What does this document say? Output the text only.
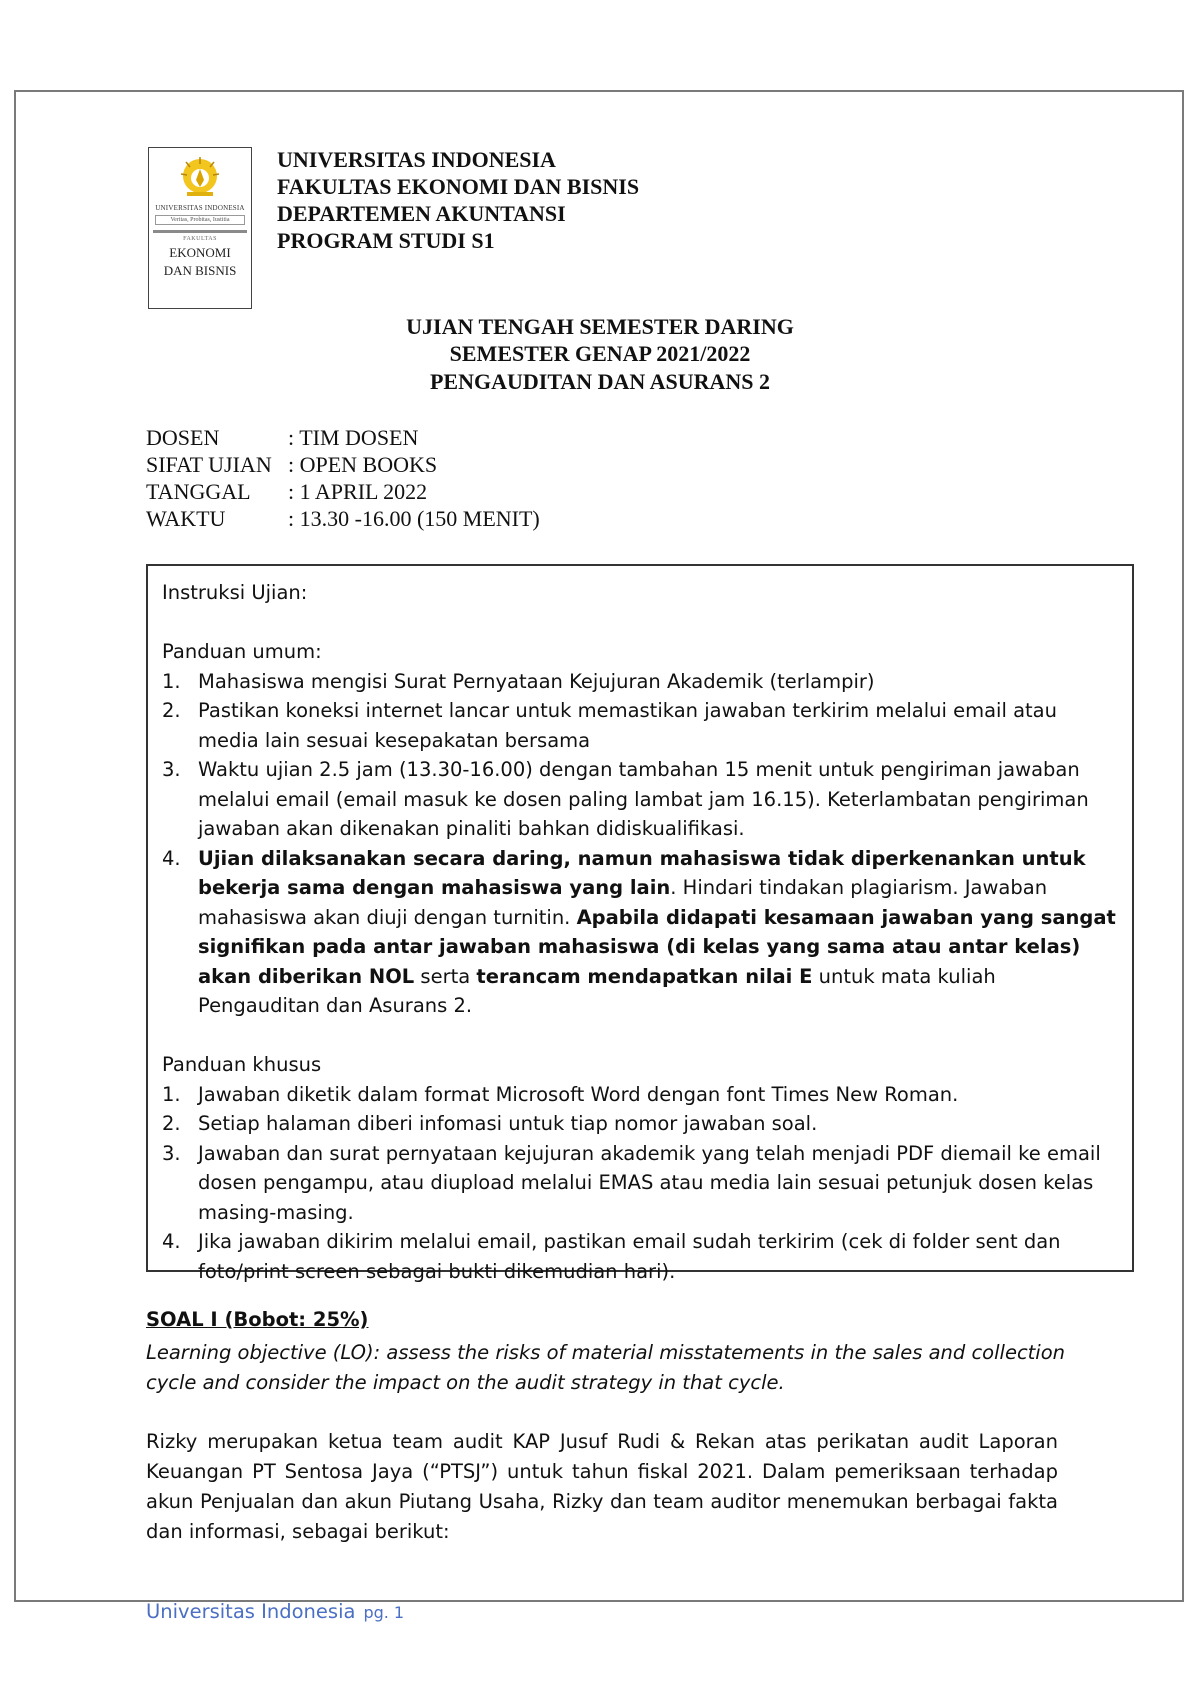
UNIVERSITAS INDONESIA
Veritas, Probitas, Iustitia
FAKULTAS
EKONOMI
DAN BISNIS
UNIVERSITAS INDONESIA
FAKULTAS EKONOMI DAN BISNIS
DEPARTEMEN AKUNTANSI
PROGRAM STUDI S1
UJIAN TENGAH SEMESTER DARING
SEMESTER GENAP 2021/2022
PENGAUDITAN DAN ASURANS 2
DOSEN	: TIM DOSEN
SIFAT UJIAN : OPEN BOOKS
TANGGAL : 1 APRIL 2022
WAKTU	: 13.30 -16.00 (150 MENIT)

Instruksi Ujian:

Panduan umum:

1. Mahasiswa mengisi Surat Pernyataan Kejujuran Akademik (terlampir)
2. Pastikan koneksi internet lancar untuk memastikan jawaban terkirim melalui email atau media lain sesuai kesepakatan bersama
3. Waktu ujian 2.5 jam (13.30-16.00) dengan tambahan 15 menit untuk pengiriman jawaban melalui email (email masuk ke dosen paling lambat jam 16.15). Keterlambatan pengiriman jawaban akan dikenakan pinaliti bahkan didiskualifikasi.
4. Ujian dilaksanakan secara daring, namun mahasiswa tidak diperkenankan untuk bekerja sama dengan mahasiswa yang lain. Hindari tindakan plagiarism. Jawaban mahasiswa akan diuji dengan turnitin. Apabila didapati kesamaan jawaban yang sangat signifikan pada antar jawaban mahasiswa (di kelas yang sama atau antar kelas) akan diberikan NOL serta terancam mendapatkan nilai E untuk mata kuliah Pengauditan dan Asurans 2.

Panduan khusus

1. Jawaban diketik dalam format Microsoft Word dengan font Times New Roman.
2. Setiap halaman diberi infomasi untuk tiap nomor jawaban soal.
3. Jawaban dan surat pernyataan kejujuran akademik yang telah menjadi PDF diemail ke email dosen pengampu, atau diupload melalui EMAS atau media lain sesuai petunjuk dosen kelas masing-masing.
4. Jika jawaban dikirim melalui email, pastikan email sudah terkirim (cek di folder sent dan foto/print screen sebagai bukti dikemudian hari).
SOAL I (Bobot: 25%)
Learning objective (LO): assess the risks of material misstatements in the sales and collection cycle and consider the impact on the audit strategy in that cycle.
Rizky merupakan ketua team audit KAP Jusuf Rudi & Rekan atas perikatan audit Laporan Keuangan PT Sentosa Jaya (“PTSJ”) untuk tahun fiskal 2021. Dalam pemeriksaan terhadap akun Penjualan dan akun Piutang Usaha, Rizky dan team auditor menemukan berbagai fakta dan informasi, sebagai berikut:
Universitas Indonesia pg. 1
